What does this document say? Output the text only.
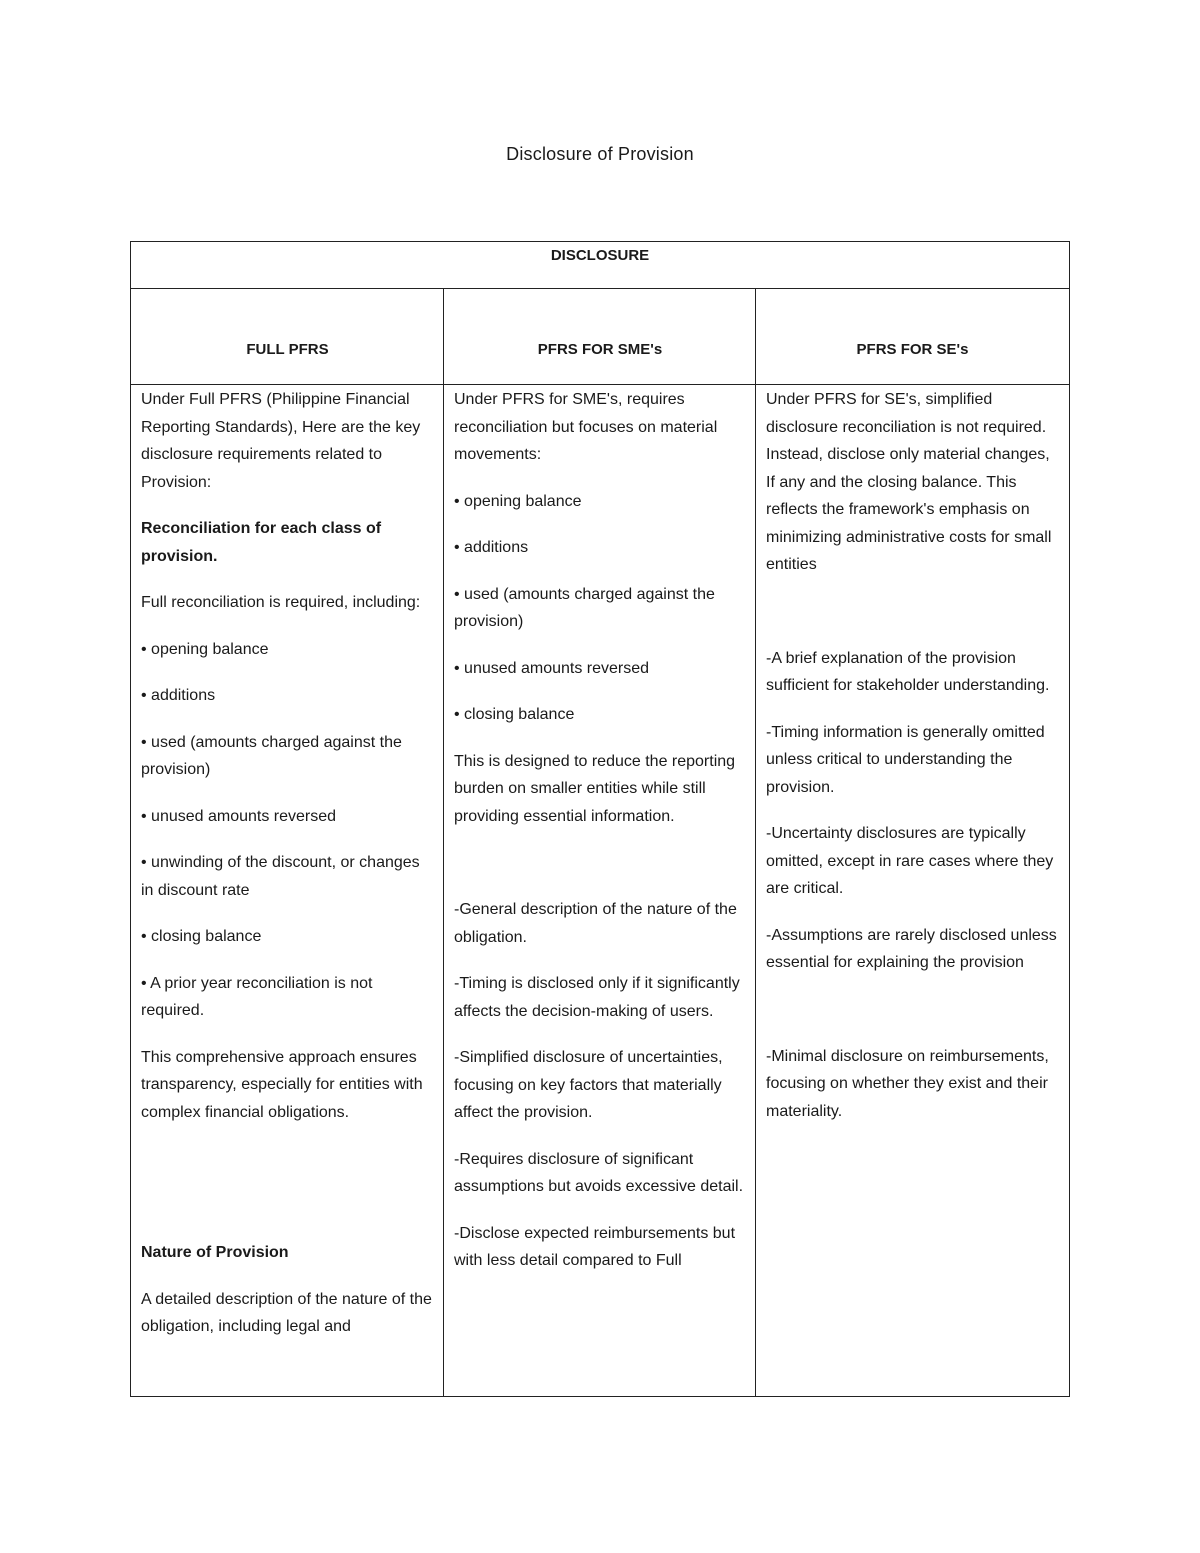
Disclosure of Provision
DISCLOSURE
FULL PFRS	PFRS FOR SME's	PFRS FOR SE's

Under Full PFRS (Philippine Financial Reporting Standards), Here are the key disclosure requirements related to Provision:

Reconciliation for each class of provision.

Full reconciliation is required, including:

• opening balance

• additions

• used (amounts charged against the provision)

• unused amounts reversed

• unwinding of the discount, or changes in discount rate

• closing balance

• A prior year reconciliation is not required.

This comprehensive approach ensures transparency, especially for entities with complex financial obligations.

Nature of Provision

A detailed description of the nature of the obligation, including legal and

Under PFRS for SME's, requires reconciliation but focuses on material movements:

• opening balance

• additions

• used (amounts charged against the provision)

• unused amounts reversed

• closing balance

This is designed to reduce the reporting burden on smaller entities while still providing essential information.

-General description of the nature of the obligation.

-Timing is disclosed only if it significantly affects the decision-making of users.

-Simplified disclosure of uncertainties, focusing on key factors that materially affect the provision.

-Requires disclosure of significant assumptions but avoids excessive detail.

-Disclose expected reimbursements but with less detail compared to Full

Under PFRS for SE's, simplified disclosure reconciliation is not required. Instead, disclose only material changes, If any and the closing balance. This reflects the framework's emphasis on minimizing administrative costs for small entities

-A brief explanation of the provision sufficient for stakeholder understanding.

-Timing information is generally omitted unless critical to understanding the provision.

-Uncertainty disclosures are typically omitted, except in rare cases where they are critical.

-Assumptions are rarely disclosed unless essential for explaining the provision

-Minimal disclosure on reimbursements, focusing on whether they exist and their materiality.
